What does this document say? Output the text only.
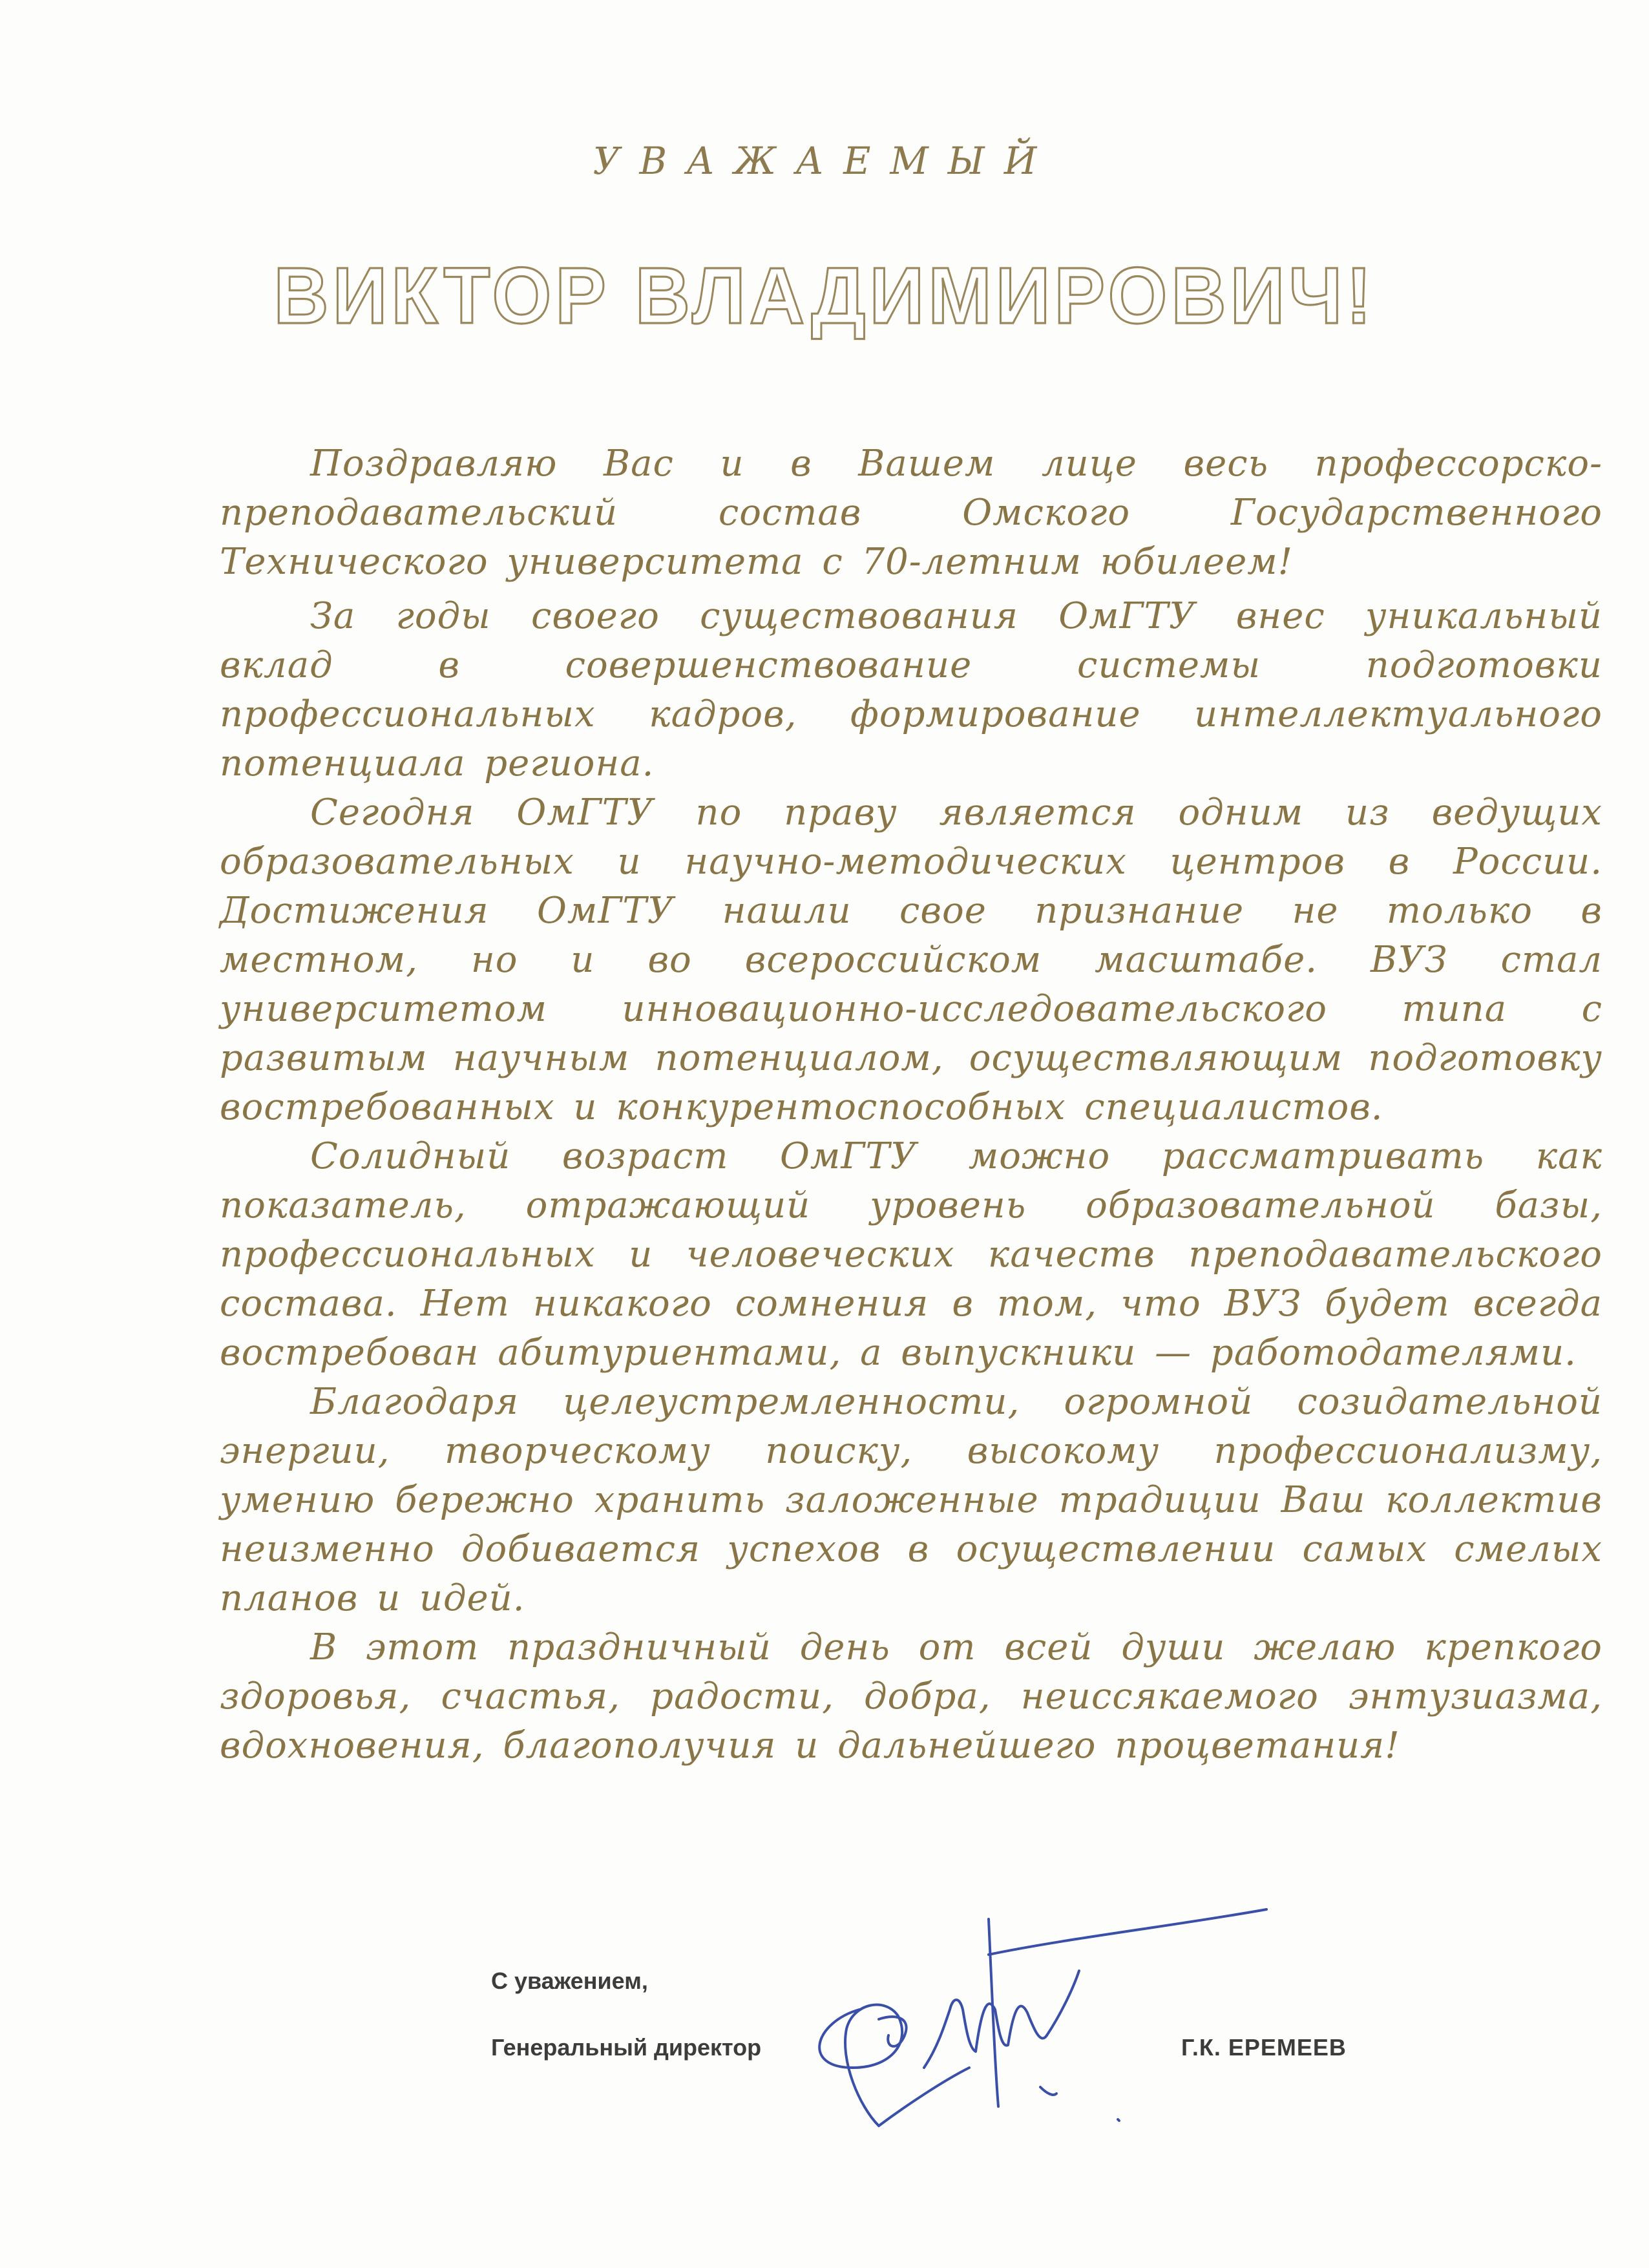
УВАЖАЕМЫЙ
ВИКТОР ВЛАДИМИРОВИЧ!

Поздравляю Вас и в Вашем лице весь профессорско-преподавательский состав Омского Государственного Технического университета с 70-летним юбилеем!

За годы своего существования ОмГТУ внес уникальный вклад в совершенствование системы подготовки профессиональных кадров, формирование интеллектуального потенциала региона.

Сегодня ОмГТУ по праву является одним из ведущих образовательных и научно-методических центров в России. Достижения ОмГТУ нашли свое признание не только в местном, но и во всероссийском масштабе. ВУЗ стал университетом инновационно-исследовательского типа с развитым научным потенциалом, осуществляющим подготовку востребованных и конкурентоспособных специалистов.

Солидный возраст ОмГТУ можно рассматривать как показатель, отражающий уровень образовательной базы, профессиональных и человеческих качеств преподавательского состава. Нет никакого сомнения в том, что ВУЗ будет всегда востребован абитуриентами, а выпускники — работодателями.

Благодаря целеустремленности, огромной созидательной энергии, творческому поиску, высокому профессионализму, умению бережно хранить заложенные традиции Ваш коллектив неизменно добивается успехов в осуществлении самых смелых планов и идей.

В этот праздничный день от всей души желаю крепкого здоровья, счастья, радости, добра, неиссякаемого энтузиазма, вдохновения, благополучия и дальнейшего процветания!

С уважением,
Генеральный директор	Г.К. ЕРЕМЕЕВ
